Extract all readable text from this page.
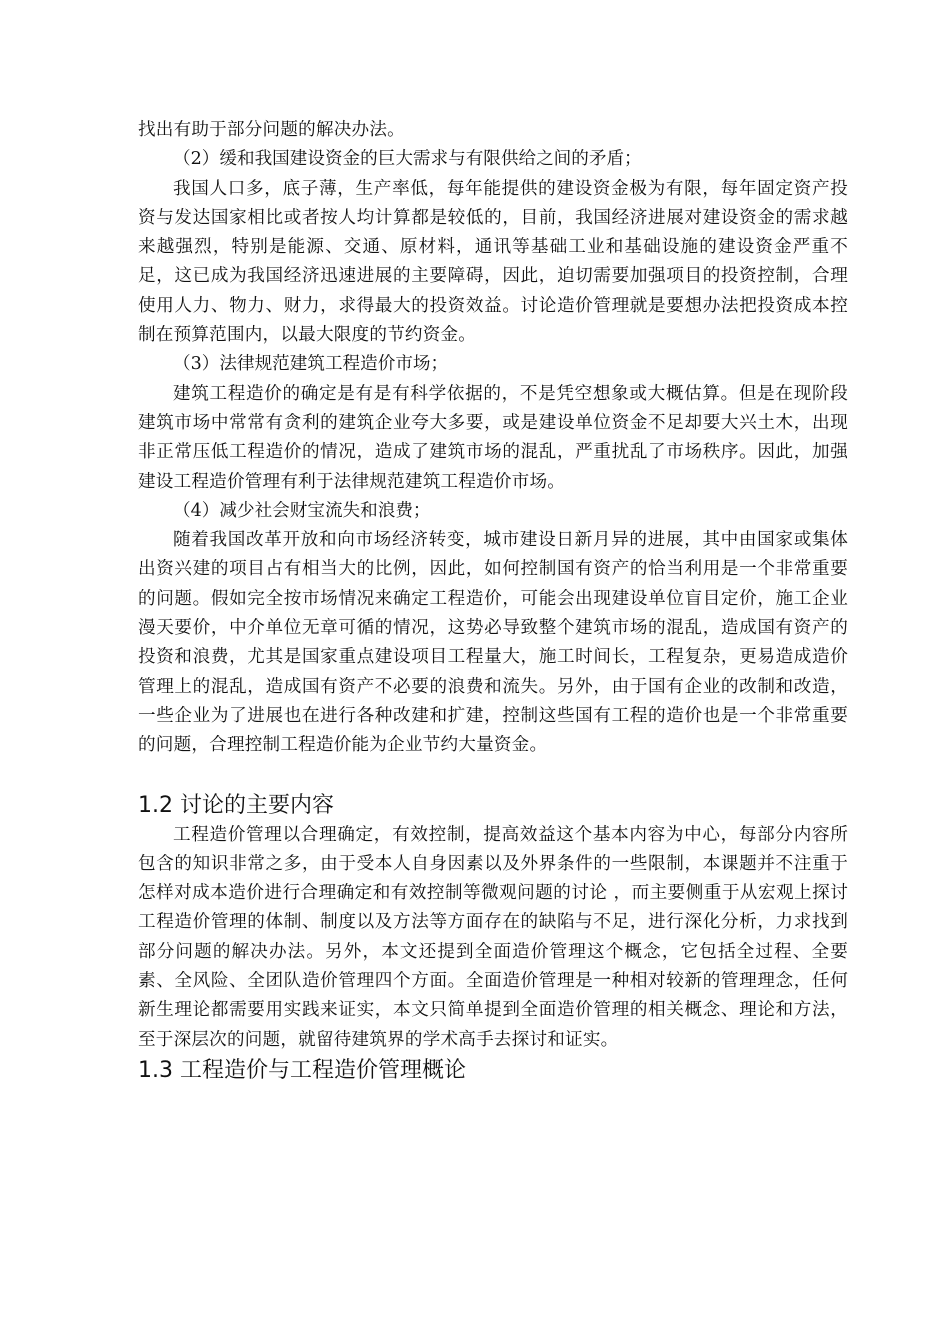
找出有助于部分问题的解决办法。

（2）缓和我国建设资金的巨大需求与有限供给之间的矛盾；

我国人口多，底子薄，生产率低，每年能提供的建设资金极为有限，每年固定资产投资与发达国家相比或者按人均计算都是较低的，目前，我国经济进展对建设资金的需求越来越强烈，特别是能源、交通、原材料，通讯等基础工业和基础设施的建设资金严重不足，这已成为我国经济迅速进展的主要障碍，因此，迫切需要加强项目的投资控制，合理使用人力、物力、财力，求得最大的投资效益。讨论造价管理就是要想办法把投资成本控制在预算范围内，以最大限度的节约资金。

（3）法律规范建筑工程造价市场；

建筑工程造价的确定是有是有科学依据的，不是凭空想象或大概估算。但是在现阶段建筑市场中常常有贪利的建筑企业夸大多要，或是建设单位资金不足却要大兴土木，出现非正常压低工程造价的情况，造成了建筑市场的混乱，严重扰乱了市场秩序。因此，加强建设工程造价管理有利于法律规范建筑工程造价市场。

（4）减少社会财宝流失和浪费；

随着我国改革开放和向市场经济转变，城市建设日新月异的进展，其中由国家或集体出资兴建的项目占有相当大的比例，因此，如何控制国有资产的恰当利用是一个非常重要的问题。假如完全按市场情况来确定工程造价，可能会出现建设单位盲目定价，施工企业漫天要价，中介单位无章可循的情况，这势必导致整个建筑市场的混乱，造成国有资产的投资和浪费，尤其是国家重点建设项目工程量大，施工时间长，工程复杂，更易造成造价管理上的混乱，造成国有资产不必要的浪费和流失。另外，由于国有企业的改制和改造，一些企业为了进展也在进行各种改建和扩建，控制这些国有工程的造价也是一个非常重要的问题，合理控制工程造价能为企业节约大量资金。

1.2 讨论的主要内容

工程造价管理以合理确定，有效控制，提高效益这个基本内容为中心，每部分内容所包含的知识非常之多，由于受本人自身因素以及外界条件的一些限制，本课题并不注重于怎样对成本造价进行合理确定和有效控制等微观问题的讨论 ，而主要侧重于从宏观上探讨工程造价管理的体制、制度以及方法等方面存在的缺陷与不足，进行深化分析，力求找到部分问题的解决办法。另外，本文还提到全面造价管理这个概念，它包括全过程、全要素、全风险、全团队造价管理四个方面。全面造价管理是一种相对较新的管理理念，任何新生理论都需要用实践来证实，本文只简单提到全面造价管理的相关概念、理论和方法，至于深层次的问题，就留待建筑界的学术高手去探讨和证实。

1.3 工程造价与工程造价管理概论
